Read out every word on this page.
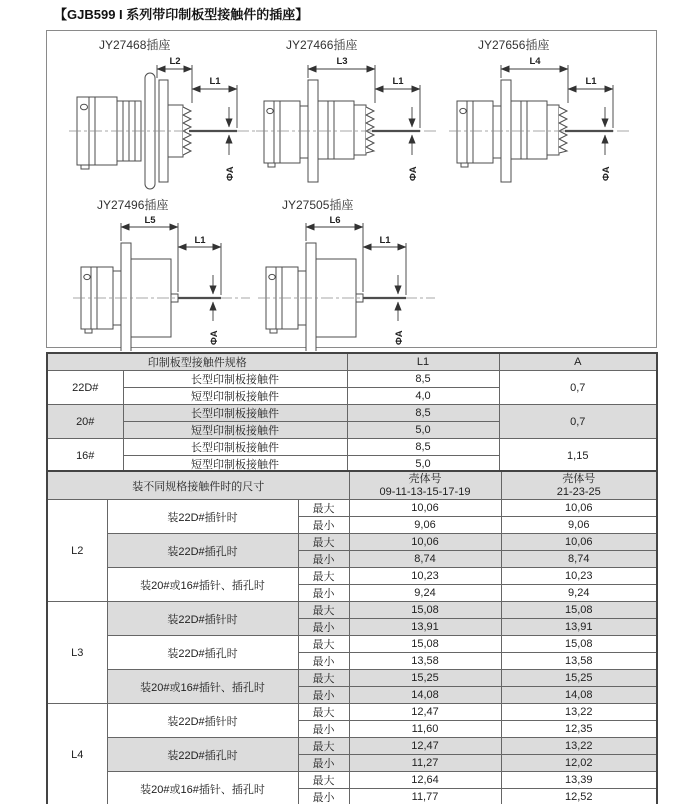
【GJB599 I 系列带印制板型接触件的插座】
JY27468插座
L2
L1
ΦA
JY27466插座
L3
L1
ΦA
JY27656插座
L4
L1
ΦA
JY27496插座
L5
L1
ΦA
JY27505插座
L6
L1
ΦA
印制板型接触件规格		L1	A
22D#	长型印制板接触件	8,5	0,7
	短型印制板接触件	4,0	
20#	长型印制板接触件	8,5	0,7
	短型印制板接触件	5,0	
16#	长型印制板接触件	8,5	1,15
	短型印制板接触件	5,0	
装不同规格接触件时的尺寸	
壳体号
09-11-13-15-17-19

壳体号
21-23-25

L2	装22D#插针时	最大	10,06	10,06
		最小	9,06	9,06
	装22D#插孔时	最大	10,06	10,06
		最小	8,74	8,74
	装20#或16#插针、插孔时	最大	10,23	10,23
		最小	9,24	9,24
L3	装22D#插针时	最大	15,08	15,08
		最小	13,91	13,91
	装22D#插孔时	最大	15,08	15,08
		最小	13,58	13,58
	装20#或16#插针、插孔时	最大	15,25	15,25
		最小	14,08	14,08
L4	装22D#插针时	最大	12,47	13,22
		最小	11,60	12,35
	装22D#插孔时	最大	12,47	13,22
		最小	11,27	12,02
	装20#或16#插针、插孔时	最大	12,64	13,39
		最小	11,77	12,52
